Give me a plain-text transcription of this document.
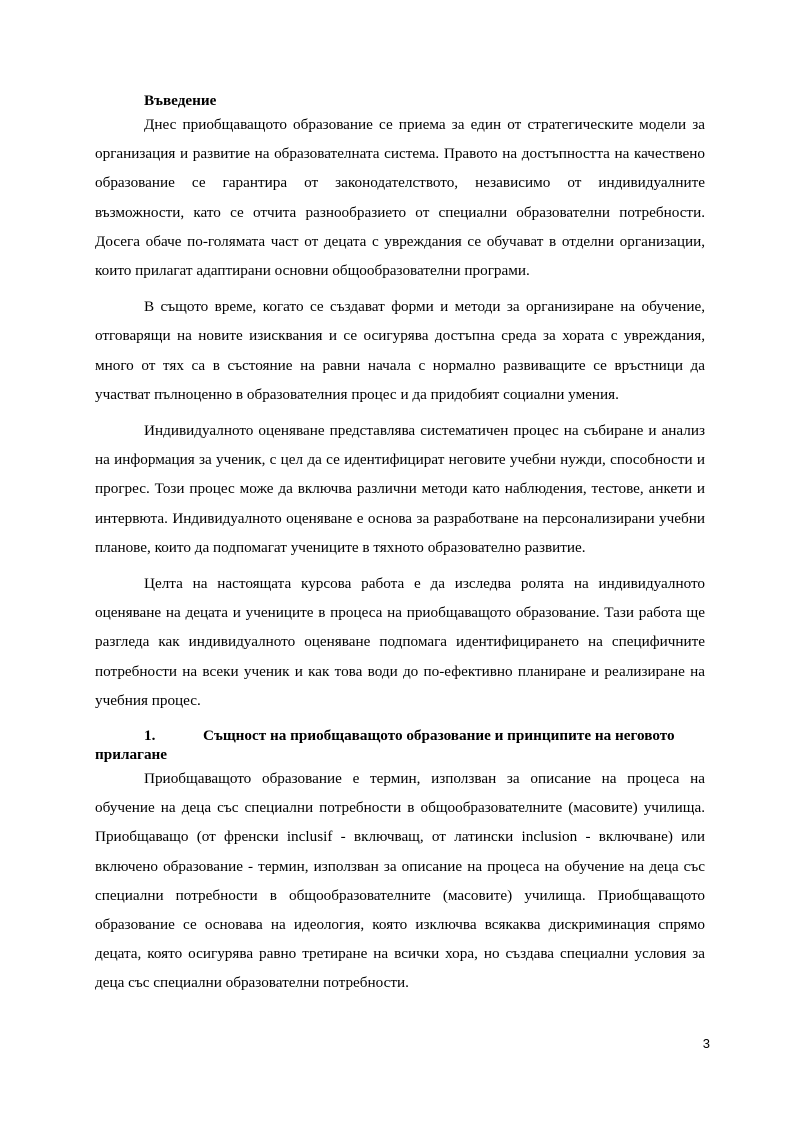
Въведение

Днес приобщаващото образование се приема за един от стратегическите модели за организация и развитие на образователната система. Правото на достъпността на качествено образование се гарантира от законодателството, независимо от индивидуалните възможности, като се отчита разнообразието от специални образователни потребности. Досега обаче по-голямата част от децата с увреждания се обучават в отделни организации, които прилагат адаптирани основни общообразователни програми.

В същото време, когато се създават форми и методи за организиране на обучение, отговарящи на новите изисквания и се осигурява достъпна среда за хората с увреждания, много от тях са в състояние на равни начала с нормално развиващите се връстници да участват пълноценно в образователния процес и да придобият социални умения.

Индивидуалното оценяване представлява систематичен процес на събиране и анализ на информация за ученик, с цел да се идентифицират неговите учебни нужди, способности и прогрес. Този процес може да включва различни методи като наблюдения, тестове, анкети и интервюта. Индивидуалното оценяване е основа за разработване на персонализирани учебни планове, които да подпомагат учениците в тяхното образователно развитие.

Целта на настоящата курсова работа е да изследва ролята на индивидуалното оценяване на децата и учениците в процеса на приобщаващото образование. Тази работа ще разгледа как индивидуалното оценяване подпомага идентифицирането на специфичните потребности на всеки ученик и как това води до по-ефективно планиране и реализиране на учебния процес.

1.	Същност на приобщаващото образование и принципите на неговото прилагане

Приобщаващото образование е термин, използван за описание на процеса на обучение на деца със специални потребности в общообразователните (масовите) училища. Приобщаващо (от френски inclusif - включващ, от латински inclusion - включване) или включено образование - термин, използван за описание на процеса на обучение на деца със специални потребности в общообразователните (масовите) училища. Приобщаващото образование се основава на идеология, която изключва всякаква дискриминация спрямо децата, която осигурява равно третиране на всички хора, но създава специални условия за деца със специални образователни потребности.

3
